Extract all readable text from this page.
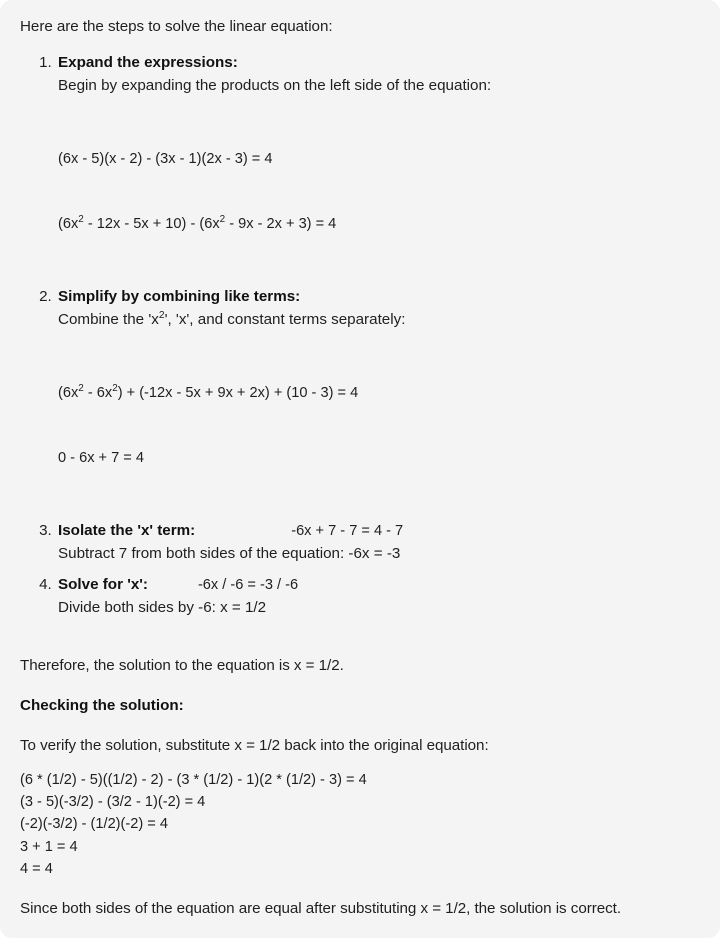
Here are the steps to solve the linear equation:

1. Expand the expressions:
Begin by expanding the products on the left side of the equation:

(6x - 5)(x - 2) - (3x - 1)(2x - 3) = 4

$(6x^2 - 12x - 5x + 10) - (6x^2 - 9x - 2x + 3) = 4$

2. Simplify by combining like terms:
Combine the '$x^2$', 'x', and constant terms separately:

$(6x^2 - 6x^2) + (-12x - 5x + 9x + 2x) + (10 - 3) = 4$

0 - 6x + 7 = 4

3. Isolate the 'x' term:	-6x + 7 - 7 = 4 - 7
Subtract 7 from both sides of the equation: -6x = -3
4. Solve for 'x':	-6x / -6 = -3 / -6
Divide both sides by -6: x = 1/2

Therefore, the solution to the equation is x = 1/2.

Checking the solution:

To verify the solution, substitute x = 1/2 back into the original equation:

(6 * (1/2) - 5)((1/2) - 2) - (3 * (1/2) - 1)(2 * (1/2) - 3) = 4
(3 - 5)(-3/2) - (3/2 - 1)(-2) = 4
(-2)(-3/2) - (1/2)(-2) = 4
3 + 1 = 4
4 = 4

Since both sides of the equation are equal after substituting x = 1/2, the solution is correct.
